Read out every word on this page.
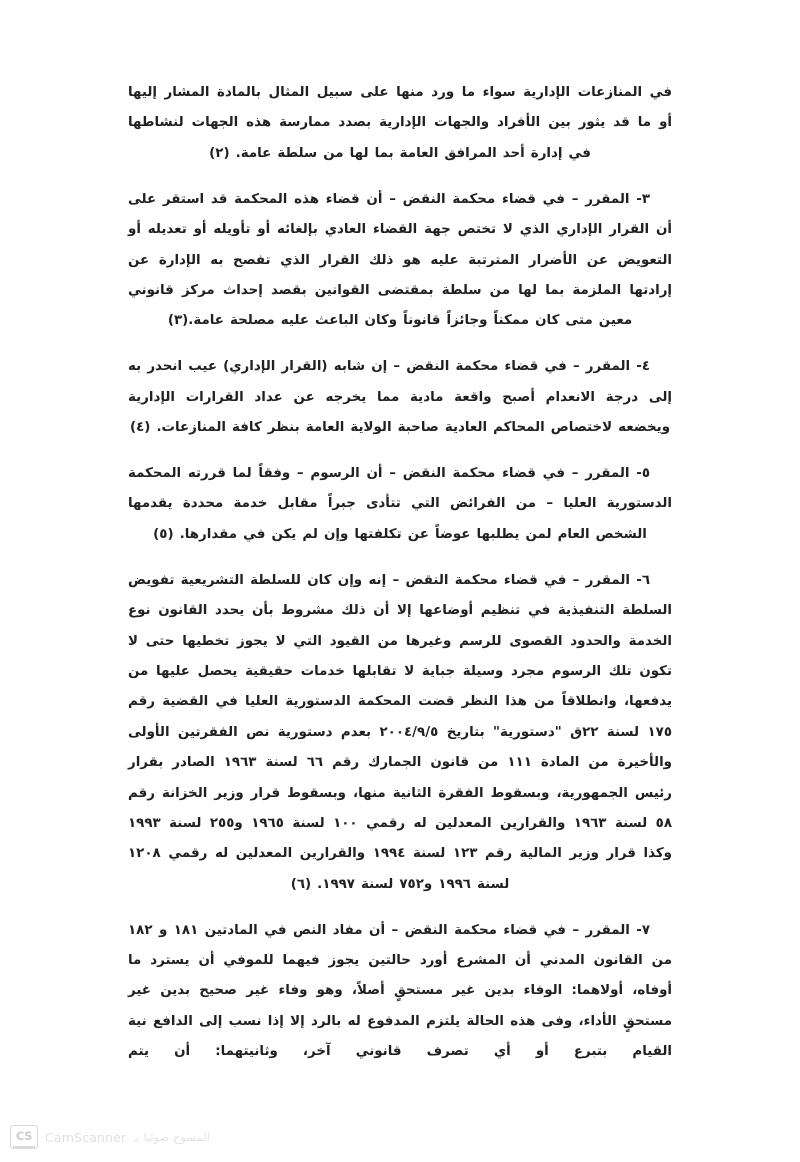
في المنازعات الإدارية سواء ما ورد منها على سبيل المثال بالمادة المشار إليها أو ما قد يثور بين الأفراد والجهات الإدارية بصدد ممارسة هذه الجهات لنشاطها في إدارة أحد المرافق العامة بما لها من سلطة عامة. (٢)

٣- المقرر – في قضاء محكمة النقض – أن قضاء هذه المحكمة قد استقر على أن القرار الإداري الذي لا تختص جهة القضاء العادي بإلغائه أو تأويله أو تعديله أو التعويض عن الأضرار المترتبة عليه هو ذلك القرار الذي تفصح به الإدارة عن إرادتها الملزمة بما لها من سلطة بمقتضى القوانين بقصد إحداث مركز قانوني معين متى كان ممكناً وجائزاً قانوناً وكان الباعث عليه مصلحة عامة.(٣)

٤- المقرر – في قضاء محكمة النقض – إن شابه (القرار الإداري) عيب انحدر به إلى درجة الانعدام أصبح واقعة مادية مما يخرجه عن عداد القرارات الإدارية ويخضعه لاختصاص المحاكم العادية صاحبة الولاية العامة بنظر كافة المنازعات. (٤)

٥- المقرر – في قضاء محكمة النقض – أن الرسوم – وفقاً لما قررته المحكمة الدستورية العليا – من الفرائض التي تتأدى جبراً مقابل خدمة محددة يقدمها الشخص العام لمن يطلبها عوضاً عن تكلفتها وإن لم يكن في مقدارها. (٥)

٦- المقرر – في قضاء محكمة النقض – إنه وإن كان للسلطة التشريعية تفويض السلطة التنفيذية في تنظيم أوضاعها إلا أن ذلك مشروط بأن يحدد القانون نوع الخدمة والحدود القصوى للرسم وغيرها من القيود التي لا يجوز تخطيها حتى لا تكون تلك الرسوم مجرد وسيلة جباية لا تقابلها خدمات حقيقية يحصل عليها من يدفعها، وانطلاقاً من هذا النظر قضت المحكمة الدستورية العليا في القضية رقم ١٧٥ لسنة ٢٢ق "دستورية" بتاريخ ٢٠٠٤/٩/٥ بعدم دستورية نص الفقرتين الأولى والأخيرة من المادة ١١١ من قانون الجمارك رقم ٦٦ لسنة ١٩٦٣ الصادر بقرار رئيس الجمهورية، وبسقوط الفقرة الثانية منها، وبسقوط قرار وزير الخزانة رقم ٥٨ لسنة ١٩٦٣ والقرارين المعدلين له رقمي ١٠٠ لسنة ١٩٦٥ و٢٥٥ لسنة ١٩٩٣ وكذا قرار وزير المالية رقم ١٢٣ لسنة ١٩٩٤ والقرارين المعدلين له رقمي ١٢٠٨ لسنة ١٩٩٦ و٧٥٢ لسنة ١٩٩٧. (٦)

٧- المقرر – في قضاء محكمة النقض – أن مفاد النص في المادتين ١٨١ و ١٨٢ من القانون المدني أن المشرع أورد حالتين يجوز فيهما للموفي أن يسترد ما أوفاه، أولاهما: الوفاء بدين غير مستحقٍ أصلاً، وهو وفاء غير صحيح بدين غير مستحقٍ الأداء، وفى هذه الحالة يلتزم المدفوع له بالرد إلا إذا نسب إلى الدافع نية القيام بتبرع أو أي تصرف قانوني آخر، وثانيتهما: أن يتم

CS CamScanner المسوح ضوئيا بـ
